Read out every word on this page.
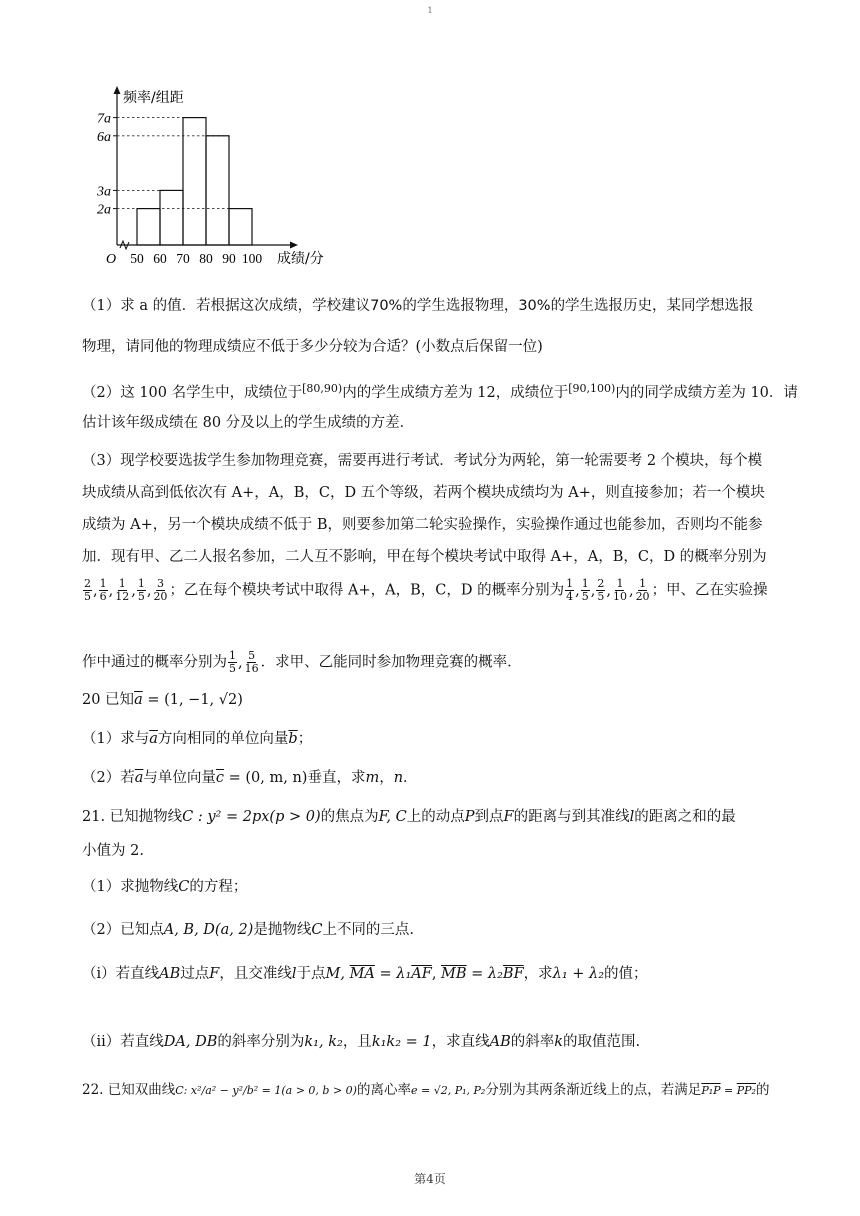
1
2a
3a
6a
7a
50 60 70 80 90 100
O	成绩/分
频率/组距
（1）求 a 的值．若根据这次成绩，学校建议70%的学生选报物理，30%的学生选报历史，某同学想选报
物理，请同他的物理成绩应不低于多少分较为合适？(小数点后保留一位)
（2）这 100 名学生中，成绩位于$^{[80,90)}$内的学生成绩方差为 12，成绩位于$^{[90,100)}$内的同学成绩方差为 10．请
估计该年级成绩在 80 分及以上的学生成绩的方差．
（3）现学校要选拔学生参加物理竞赛，需要再进行考试．考试分为两轮，第一轮需要考 2 个模块，每个模
块成绩从高到低依次有 A+，A，B，C，D 五个等级，若两个模块成绩均为 A+，则直接参加；若一个模块
成绩为 A+，另一个模块成绩不低于 B，则要参加第二轮实验操作，实验操作通过也能参加，否则均不能参
加．现有甲、乙二人报名参加，二人互不影响，甲在每个模块考试中取得 A+，A，B，C，D 的概率分别为
$\frac{2}{5}$ , $\frac{1}{6}$ , $\frac{1}{12}$ , $\frac{1}{5}$ , $\frac{3}{20}$ ；乙在每个模块考试中取得 A+，A，B，C，D 的概率分别为 $\frac{1}{4}$ , $\frac{1}{5}$ , $\frac{2}{5}$ , $\frac{1}{10}$ , $\frac{1}{20}$ ；甲、乙在实验操
作中通过的概率分别为 $\frac{1}{5}$ , $\frac{5}{16}$ ．求甲、乙能同时参加物理竞赛的概率．
20 已知$\overline{a} = (1$, −1, √2)
（1）求与$\overline{a}$方向相同的单位向量$\overline{b}$；
（2）若$\overline{a}$与单位向量$\overline{c} = (0$, m, n)垂直，求m，n．
21. 已知抛物线C : y² = 2px(p > 0)的焦点为F, C上的动点P到点F的距离与到其准线l的距离之和的最
小值为 2.
（1）求抛物线C的方程；
（2）已知点A, B, D(a, 2)是抛物线C上不同的三点.
（i）若直线AB过点F，且交准线l于点M, $\overline{MA} = \lambda_1\overline{AF}$, $\overline{MB} = \lambda_2\overline{BF}$，求λ₁ + λ₂的值；
（ii）若直线DA, DB的斜率分别为k₁, k₂，且k₁k₂ = 1，求直线AB的斜率k的取值范围.
22. 已知双曲线C: x²/a² − y²/b² = 1(a > 0, b > 0)的离心率e = √2, P₁, P₂分别为其两条渐近线上的点，若满足P₁P = PP₂的
第4页
